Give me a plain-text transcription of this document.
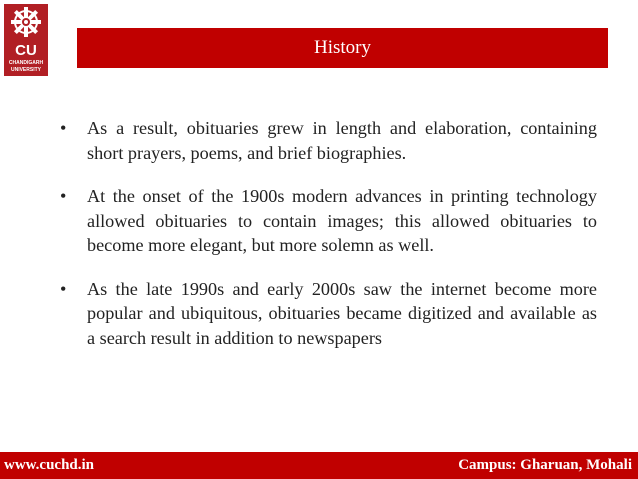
CU
CHANDIGARH
UNIVERSITY
History
• As a result, obituaries grew in length and elaboration, containing short prayers, poems, and brief biographies.
• At the onset of the 1900s modern advances in printing technology allowed obituaries to contain images; this allowed obituaries to become more elegant, but more solemn as well.
• As the late 1990s and early 2000s saw the internet become more popular and ubiquitous, obituaries became digitized and available as a search result in addition to newspapers
www.cuchd.in	Campus: Gharuan, Mohali
